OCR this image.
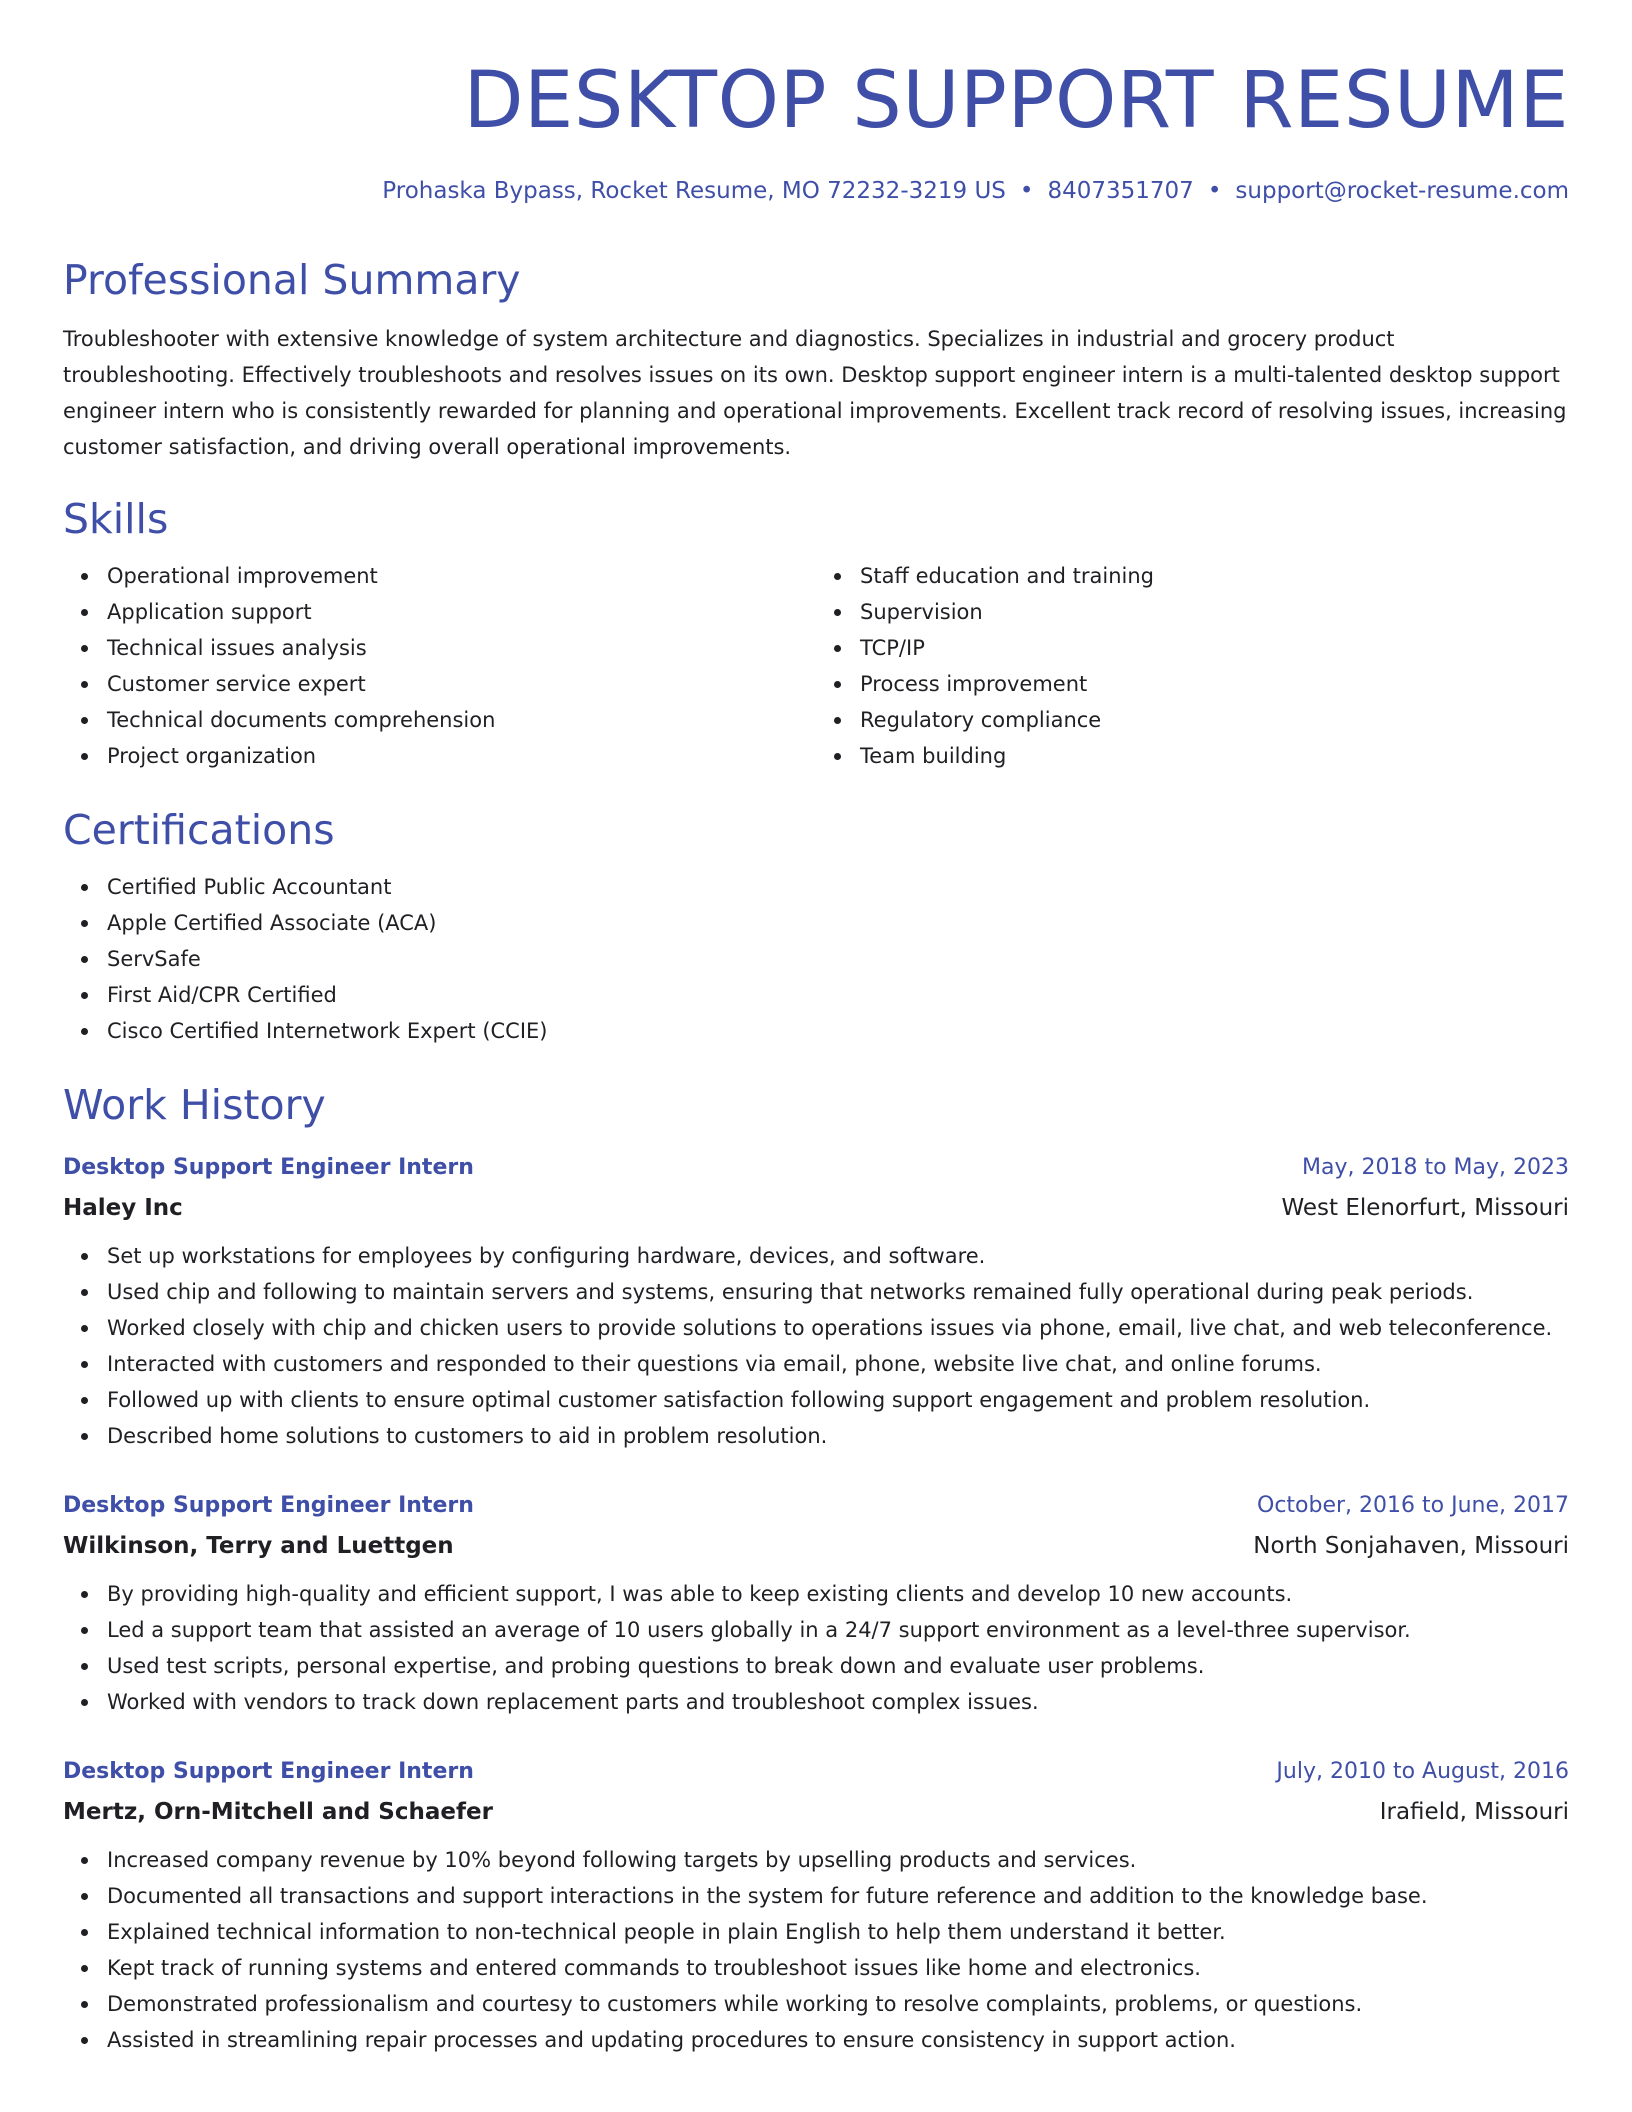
DESKTOP SUPPORT RESUME
Prohaska Bypass, Rocket Resume, MO 72232-3219 US • 8407351707 • support@rocket-resume.com
Professional Summary
Troubleshooter with extensive knowledge of system architecture and diagnostics. Specializes in industrial and grocery product troubleshooting. Effectively troubleshoots and resolves issues on its own. Desktop support engineer intern is a multi-talented desktop support engineer intern who is consistently rewarded for planning and operational improvements. Excellent track record of resolving issues, increasing customer satisfaction, and driving overall operational improvements.
Skills
Operational improvement
Application support
Technical issues analysis
Customer service expert
Technical documents comprehension
Project organization
Staff education and training
Supervision
TCP/IP
Process improvement
Regulatory compliance
Team building
Certifications
Certified Public Accountant
Apple Certified Associate (ACA)
ServSafe
First Aid/CPR Certified
Cisco Certified Internetwork Expert (CCIE)
Work History
Desktop Support Engineer Intern	May, 2018 to May, 2023
Haley Inc	West Elenorfurt, Missouri
Set up workstations for employees by configuring hardware, devices, and software.
Used chip and following to maintain servers and systems, ensuring that networks remained fully operational during peak periods.
Worked closely with chip and chicken users to provide solutions to operations issues via phone, email, live chat, and web teleconference.
Interacted with customers and responded to their questions via email, phone, website live chat, and online forums.
Followed up with clients to ensure optimal customer satisfaction following support engagement and problem resolution.
Described home solutions to customers to aid in problem resolution.
Desktop Support Engineer Intern	October, 2016 to June, 2017
Wilkinson, Terry and Luettgen	North Sonjahaven, Missouri
By providing high-quality and efficient support, I was able to keep existing clients and develop 10 new accounts.
Led a support team that assisted an average of 10 users globally in a 24/7 support environment as a level-three supervisor.
Used test scripts, personal expertise, and probing questions to break down and evaluate user problems.
Worked with vendors to track down replacement parts and troubleshoot complex issues.
Desktop Support Engineer Intern	July, 2010 to August, 2016
Mertz, Orn-Mitchell and Schaefer	Irafield, Missouri
Increased company revenue by 10% beyond following targets by upselling products and services.
Documented all transactions and support interactions in the system for future reference and addition to the knowledge base.
Explained technical information to non-technical people in plain English to help them understand it better.
Kept track of running systems and entered commands to troubleshoot issues like home and electronics.
Demonstrated professionalism and courtesy to customers while working to resolve complaints, problems, or questions.
Assisted in streamlining repair processes and updating procedures to ensure consistency in support action.
